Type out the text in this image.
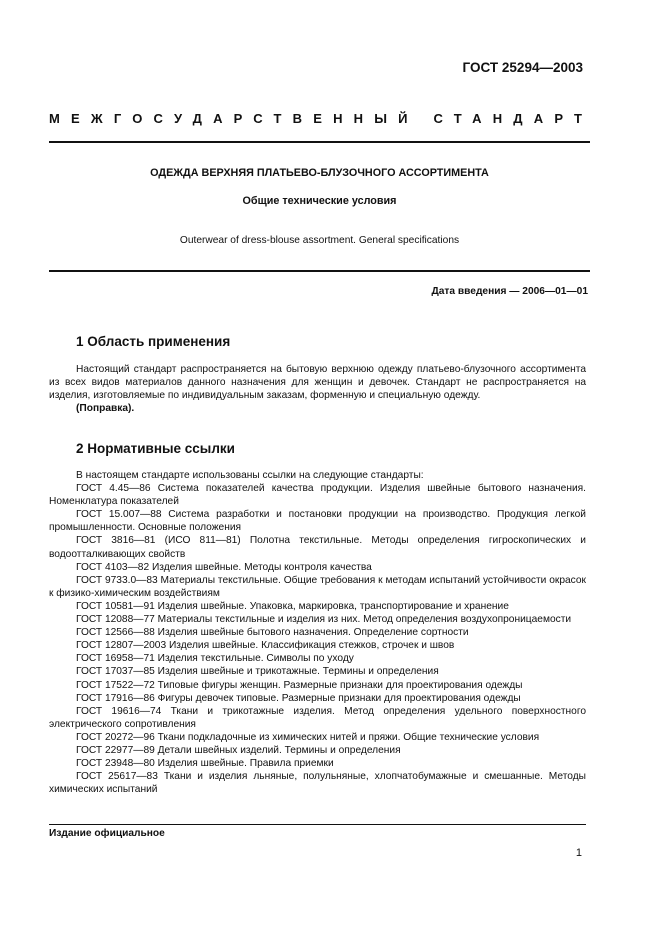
ГОСТ 25294—2003
МЕЖГОСУДАРСТВЕННЫЙ СТАНДАРТ
ОДЕЖДА ВЕРХНЯЯ ПЛАТЬЕВО-БЛУЗОЧНОГО АССОРТИМЕНТА
Общие технические условия
Outerwear of dress-blouse assortment. General specifications
Дата введения — 2006—01—01
1 Область применения

Настоящий стандарт распространяется на бытовую верхнюю одежду платьево-блузочного ассортимента из всех видов материалов данного назначения для женщин и девочек. Стандарт не распространяется на изделия, изготовляемые по индивидуальным заказам, форменную и специальную одежду.

(Поправка).

2 Нормативные ссылки

В настоящем стандарте использованы ссылки на следующие стандарты:

ГОСТ 4.45—86 Система показателей качества продукции. Изделия швейные бытового назначения. Номенклатура показателей

ГОСТ 15.007—88 Система разработки и постановки продукции на производство. Продукция легкой промышленности. Основные положения

ГОСТ 3816—81 (ИСО 811—81) Полотна текстильные. Методы определения гигроскопических и водоотталкивающих свойств

ГОСТ 4103—82 Изделия швейные. Методы контроля качества

ГОСТ 9733.0—83 Материалы текстильные. Общие требования к методам испытаний устойчивости окрасок к физико-химическим воздействиям

ГОСТ 10581—91 Изделия швейные. Упаковка, маркировка, транспортирование и хранение

ГОСТ 12088—77 Материалы текстильные и изделия из них. Метод определения воздухопроницаемости

ГОСТ 12566—88 Изделия швейные бытового назначения. Определение сортности

ГОСТ 12807—2003 Изделия швейные. Классификация стежков, строчек и швов

ГОСТ 16958—71 Изделия текстильные. Символы по уходу

ГОСТ 17037—85 Изделия швейные и трикотажные. Термины и определения

ГОСТ 17522—72 Типовые фигуры женщин. Размерные признаки для проектирования одежды

ГОСТ 17916—86 Фигуры девочек типовые. Размерные признаки для проектирования одежды

ГОСТ 19616—74 Ткани и трикотажные изделия. Метод определения удельного поверхностного электрического сопротивления

ГОСТ 20272—96 Ткани подкладочные из химических нитей и пряжи. Общие технические условия

ГОСТ 22977—89 Детали швейных изделий. Термины и определения

ГОСТ 23948—80 Изделия швейные. Правила приемки

ГОСТ 25617—83 Ткани и изделия льняные, полульняные, хлопчатобумажные и смешанные. Методы химических испытаний

Издание официальное
1
